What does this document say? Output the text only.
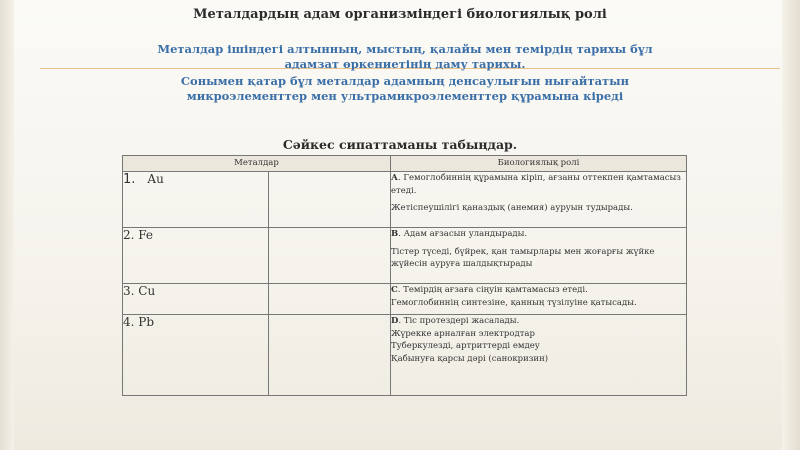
Металдардың адам организміндегі биологиялық ролі

Металдар ішіндегі алтынның, мыстың, қалайы мен темірдің тарихы бұл адамзат өркениетінің даму тарихы.

Сонымен қатар бұл металдар адамның денсаулығын нығайтатын микроэлементтер мен ультрамикроэлементтер құрамына кіреді

Сәйкес сипаттаманы табыңдар.
Металдар		Биологиялық ролі
1. Au		А. Гемоглобиннің құрамына кіріп, ағзаны оттекпен қамтамасыз етеді.
Жетіспеушілігі қаназдық (анемия) ауруын тудырады.

2. Fe		В. Адам ағзасын уландырады.
Тістер түседі, бүйрек, қан тамырлары мен жоғарғы жүйке жүйесін ауруға шалдықтырады

3. Cu		С. Темірдің ағзаға сіңуін қамтамасыз етеді.
Гемоглобиннің синтезіне, қанның түзілуіне қатысады.

4. Pb		D. Тіс протездері жасалады.
Жүрекке арналған электродтар
Туберкулезді, артриттерді емдеу
Қабынуға қарсы дәрі (санокризин)
